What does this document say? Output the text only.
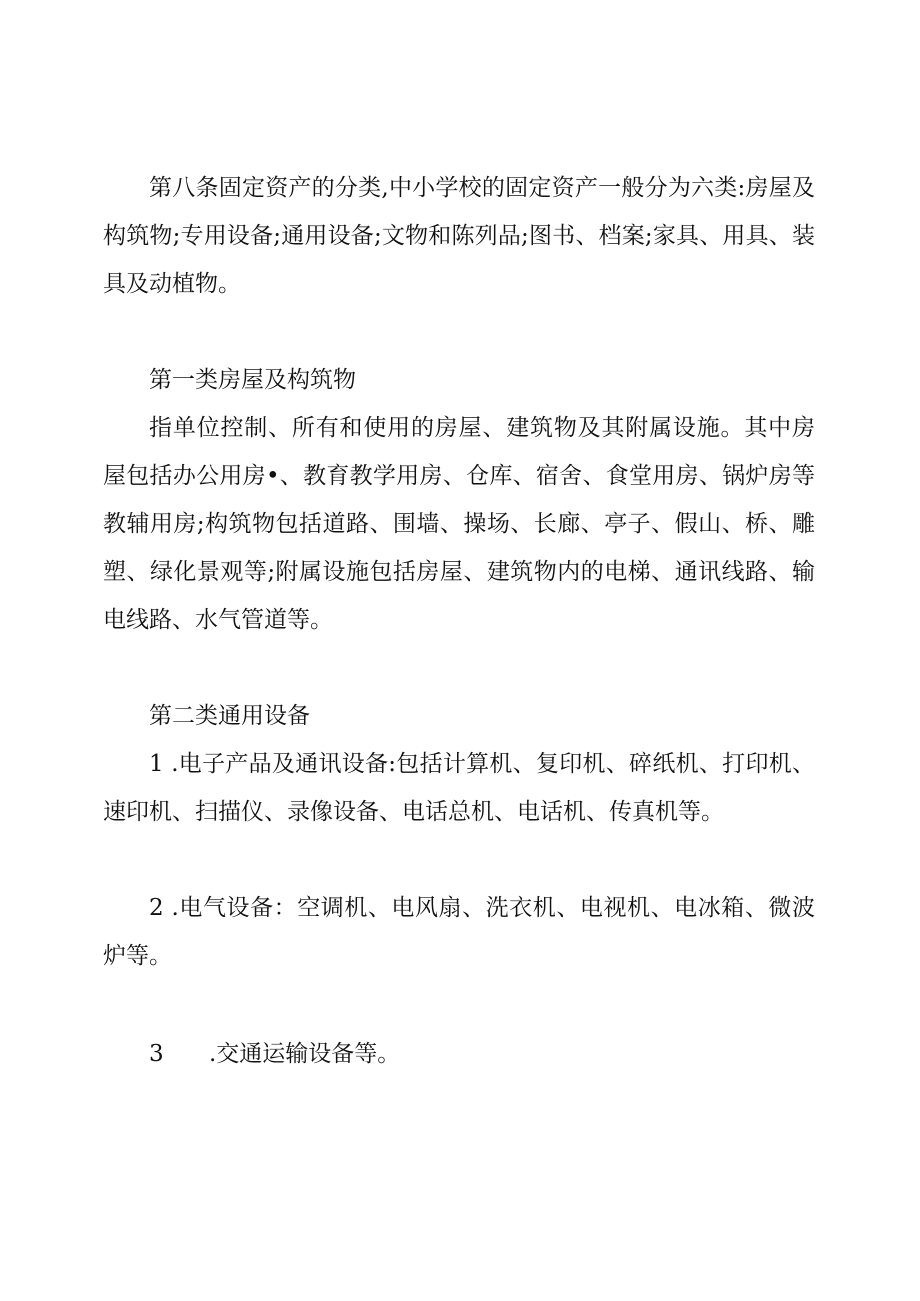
第八条固定资产的分类,中小学校的固定资产一般分为六类:房屋及构筑物;专用设备;通用设备;文物和陈列品;图书、档案;家具、用具、装具及动植物。

第一类房屋及构筑物

指单位控制、所有和使用的房屋、建筑物及其附属设施。其中房屋包括办公用房•、教育教学用房、仓库、宿舍、食堂用房、锅炉房等教辅用房;构筑物包括道路、围墙、操场、长廊、亭子、假山、桥、雕塑、绿化景观等;附属设施包括房屋、建筑物内的电梯、通讯线路、输电线路、水气管道等。

第二类通用设备

1 .电子产品及通讯设备:包括计算机、复印机、碎纸机、打印机、速印机、扫描仪、录像设备、电话总机、电话机、传真机等。

2 .电气设备：空调机、电风扇、洗衣机、电视机、电冰箱、微波炉等。

3 .交通运输设备等。
